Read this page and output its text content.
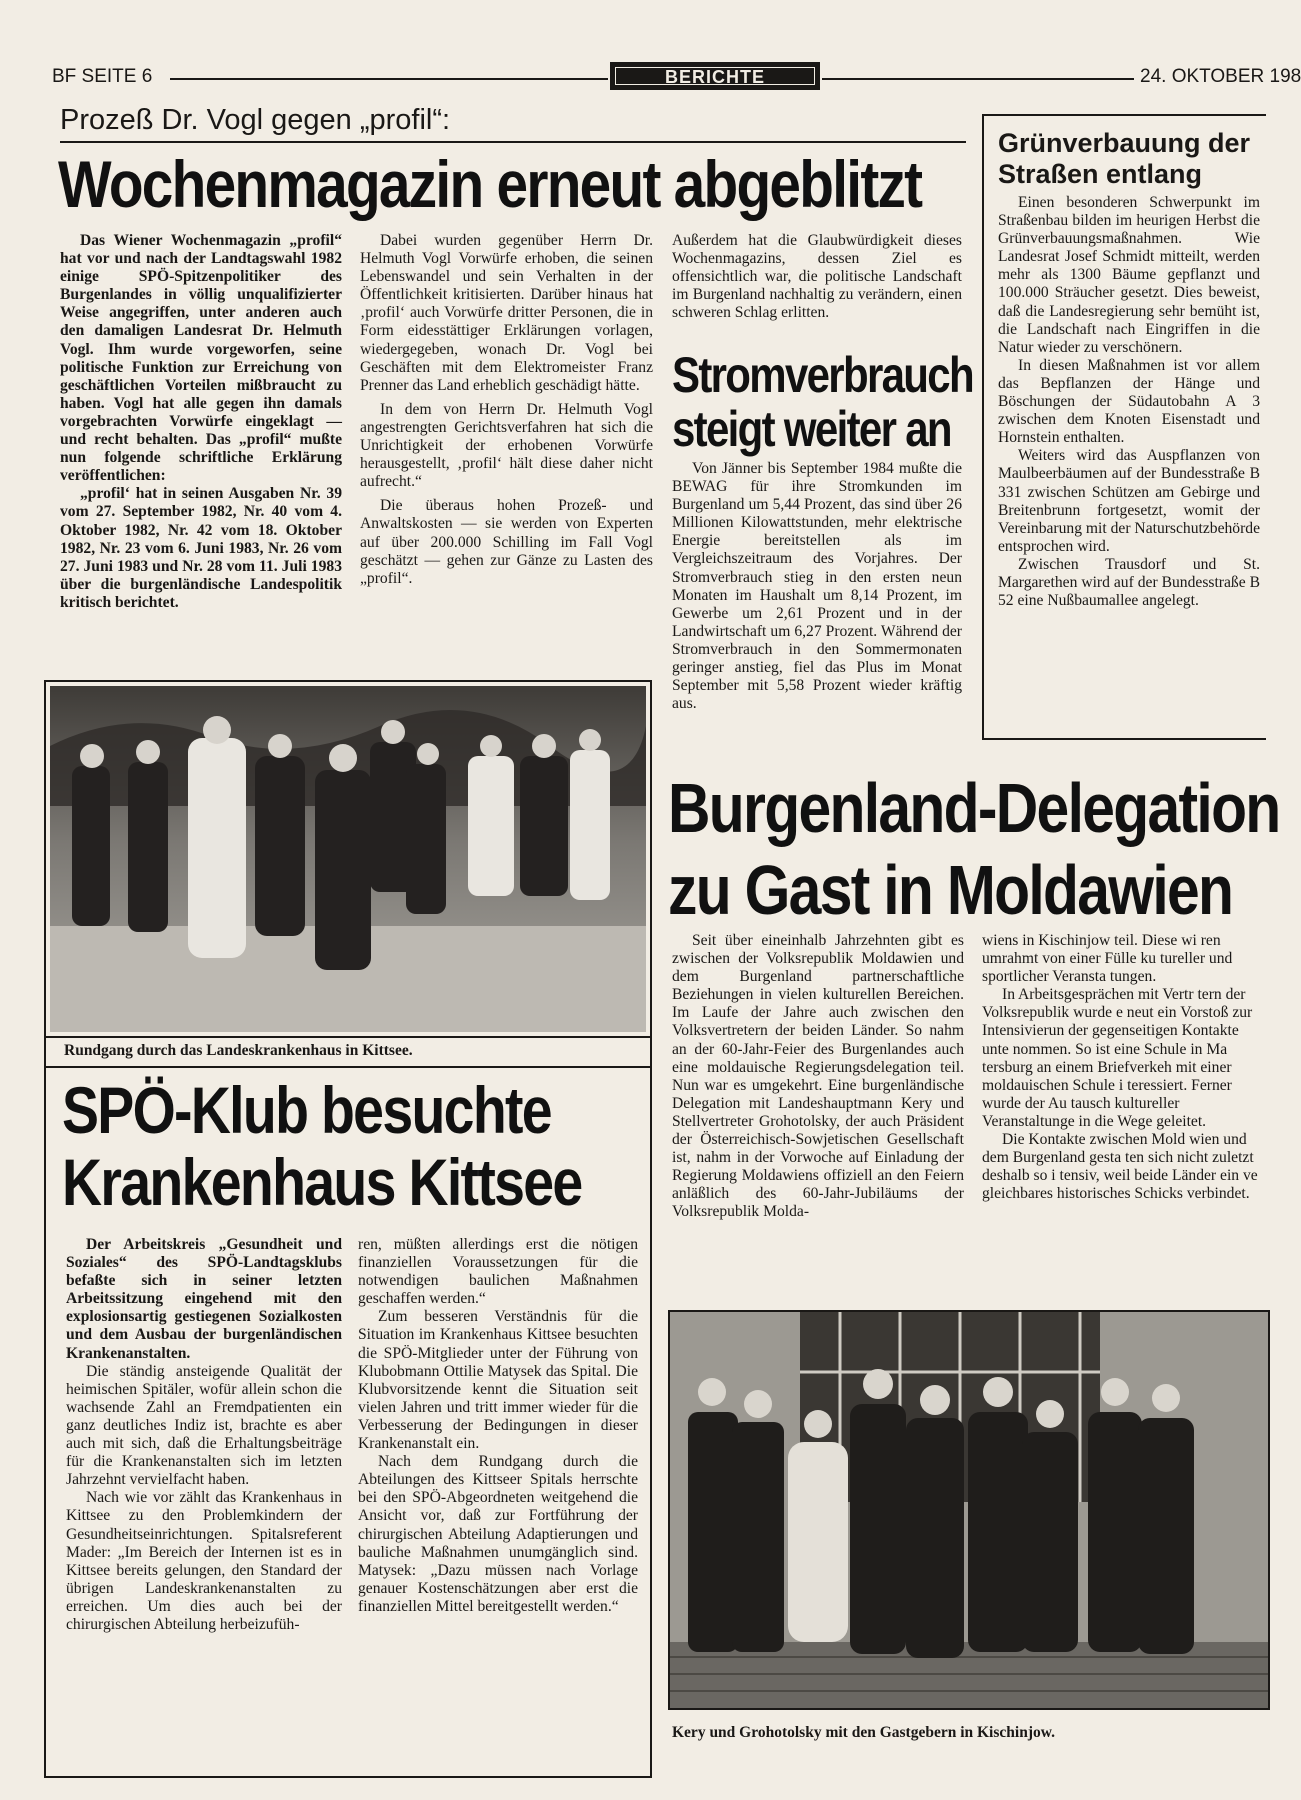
BF SEITE 6	BERICHTE	24. OKTOBER 198
Prozeß Dr. Vogl gegen „profil“:
Wochenmagazin erneut abgeblitzt

Das Wiener Wochenmagazin „profil“ hat vor und nach der Landtagswahl 1982 einige SPÖ-Spitzenpolitiker des Burgenlandes in völlig unqualifizierter Weise angegriffen, unter anderen auch den damaligen Landesrat Dr. Helmuth Vogl. Ihm wurde vorgeworfen, seine politische Funktion zur Erreichung von geschäftlichen Vorteilen mißbraucht zu haben. Vogl hat alle gegen ihn damals vorgebrachten Vorwürfe eingeklagt — und recht behalten. Das „profil“ mußte nun folgende schriftliche Erklärung veröffentlichen:

„profil‘ hat in seinen Ausgaben Nr. 39 vom 27. September 1982, Nr. 40 vom 4. Oktober 1982, Nr. 42 vom 18. Oktober 1982, Nr. 23 vom 6. Juni 1983, Nr. 26 vom 27. Juni 1983 und Nr. 28 vom 11. Juli 1983 über die burgenländische Landespolitik kritisch berichtet.

Dabei wurden gegenüber Herrn Dr. Helmuth Vogl Vorwürfe erhoben, die seinen Lebenswandel und sein Verhalten in der Öffentlichkeit kritisierten. Darüber hinaus hat ‚profil‘ auch Vorwürfe dritter Personen, die in Form eidesstättiger Erklärungen vorlagen, wiedergegeben, wonach Dr. Vogl bei Geschäften mit dem Elektromeister Franz Prenner das Land erheblich geschädigt hätte.

In dem von Herrn Dr. Helmuth Vogl angestrengten Gerichtsverfahren hat sich die Unrichtigkeit der erhobenen Vorwürfe herausgestellt, ‚profil‘ hält diese daher nicht aufrecht.“

Die überaus hohen Prozeß- und Anwaltskosten — sie werden von Experten auf über 200.000 Schilling im Fall Vogl geschätzt — gehen zur Gänze zu Lasten des „profil“.

Außerdem hat die Glaubwürdigkeit dieses Wochenmagazins, dessen Ziel es offensichtlich war, die politische Landschaft im Burgenland nachhaltig zu verändern, einen schweren Schlag erlitten.

Stromverbrauch
steigt weiter an

Von Jänner bis September 1984 mußte die BEWAG für ihre Stromkunden im Burgenland um 5,44 Prozent, das sind über 26 Millionen Kilowattstunden, mehr elektrische Energie bereitstellen als im Vergleichszeitraum des Vorjahres. Der Stromverbrauch stieg in den ersten neun Monaten im Haushalt um 8,14 Prozent, im Gewerbe um 2,61 Prozent und in der Landwirtschaft um 6,27 Prozent. Während der Stromverbrauch in den Sommermonaten geringer anstieg, fiel das Plus im Monat September mit 5,58 Prozent wieder kräftig aus.

Grünverbauung der
Straßen entlang

Einen besonderen Schwerpunkt im Straßenbau bilden im heurigen Herbst die Grünverbauungsmaßnahmen. Wie Landesrat Josef Schmidt mitteilt, werden mehr als 1300 Bäume gepflanzt und 100.000 Sträucher gesetzt. Dies beweist, daß die Landesregierung sehr bemüht ist, die Landschaft nach Eingriffen in die Natur wieder zu verschönern.

In diesen Maßnahmen ist vor allem das Bepflanzen der Hänge und Böschungen der Südautobahn A 3 zwischen dem Knoten Eisenstadt und Hornstein enthalten.

Weiters wird das Auspflanzen von Maulbeerbäumen auf der Bundesstraße B 331 zwischen Schützen am Gebirge und Breitenbrunn fortgesetzt, womit der Vereinbarung mit der Naturschutzbehörde entsprochen wird.

Zwischen Trausdorf und St. Margarethen wird auf der Bundesstraße B 52 eine Nußbaumallee angelegt.

Rundgang durch das Landeskrankenhaus in Kittsee.
SPÖ-Klub besuchte
Krankenhaus Kittsee

Der Arbeitskreis „Gesundheit und Soziales“ des SPÖ-Landtagsklubs befaßte sich in seiner letzten Arbeitssitzung eingehend mit den explosionsartig gestiegenen Sozialkosten und dem Ausbau der burgenländischen Krankenanstalten.

Die ständig ansteigende Qualität der heimischen Spitäler, wofür allein schon die wachsende Zahl an Fremdpatienten ein ganz deutliches Indiz ist, brachte es aber auch mit sich, daß die Erhaltungsbeiträge für die Krankenanstalten sich im letzten Jahrzehnt vervielfacht haben.

Nach wie vor zählt das Krankenhaus in Kittsee zu den Problemkindern der Gesundheitseinrichtungen. Spitalsreferent Mader: „Im Bereich der Internen ist es in Kittsee bereits gelungen, den Standard der übrigen Landeskrankenanstalten zu erreichen. Um dies auch bei der chirurgischen Abteilung herbeizufüh-

ren, müßten allerdings erst die nötigen finanziellen Voraussetzungen für die notwendigen baulichen Maßnahmen geschaffen werden.“

Zum besseren Verständnis für die Situation im Krankenhaus Kittsee besuchten die SPÖ-Mitglieder unter der Führung von Klubobmann Ottilie Matysek das Spital. Die Klubvorsitzende kennt die Situation seit vielen Jahren und tritt immer wieder für die Verbesserung der Bedingungen in dieser Krankenanstalt ein.

Nach dem Rundgang durch die Abteilungen des Kittseer Spitals herrschte bei den SPÖ-Abgeordneten weitgehend die Ansicht vor, daß zur Fortführung der chirurgischen Abteilung Adaptierungen und bauliche Maßnahmen unumgänglich sind. Matysek: „Dazu müssen nach Vorlage genauer Kostenschätzungen aber erst die finanziellen Mittel bereitgestellt werden.“

Burgenland-Delegation
zu Gast in Moldawien

Seit über eineinhalb Jahrzehnten gibt es zwischen der Volksrepublik Moldawien und dem Burgenland partnerschaftliche Beziehungen in vielen kulturellen Bereichen. Im Laufe der Jahre auch zwischen den Volksvertretern der beiden Länder. So nahm an der 60-Jahr-Feier des Burgenlandes auch eine moldauische Regierungsdelegation teil. Nun war es umgekehrt. Eine burgenländische Delegation mit Landeshauptmann Kery und Stellvertreter Grohotolsky, der auch Präsident der Österreichisch-Sowjetischen Gesellschaft ist, nahm in der Vorwoche auf Einladung der Regierung Moldawiens offiziell an den Feiern anläßlich des 60-Jahr-Jubiläums der Volksrepublik Molda-

wiens in Kischinjow teil. Diese wi ren umrahmt von einer Fülle ku tureller und sportlicher Veransta tungen.

In Arbeitsgesprächen mit Vertr tern der Volksrepublik wurde e neut ein Vorstoß zur Intensivierun der gegenseitigen Kontakte unte nommen. So ist eine Schule in Ma tersburg an einem Briefverkeh mit einer moldauischen Schule i teressiert. Ferner wurde der Au tausch kultureller Veranstaltunge in die Wege geleitet.

Die Kontakte zwischen Mold wien und dem Burgenland gesta ten sich nicht zuletzt deshalb so i tensiv, weil beide Länder ein ve gleichbares historisches Schicks verbindet.

Kery und Grohotolsky mit den Gastgebern in Kischinjow.
